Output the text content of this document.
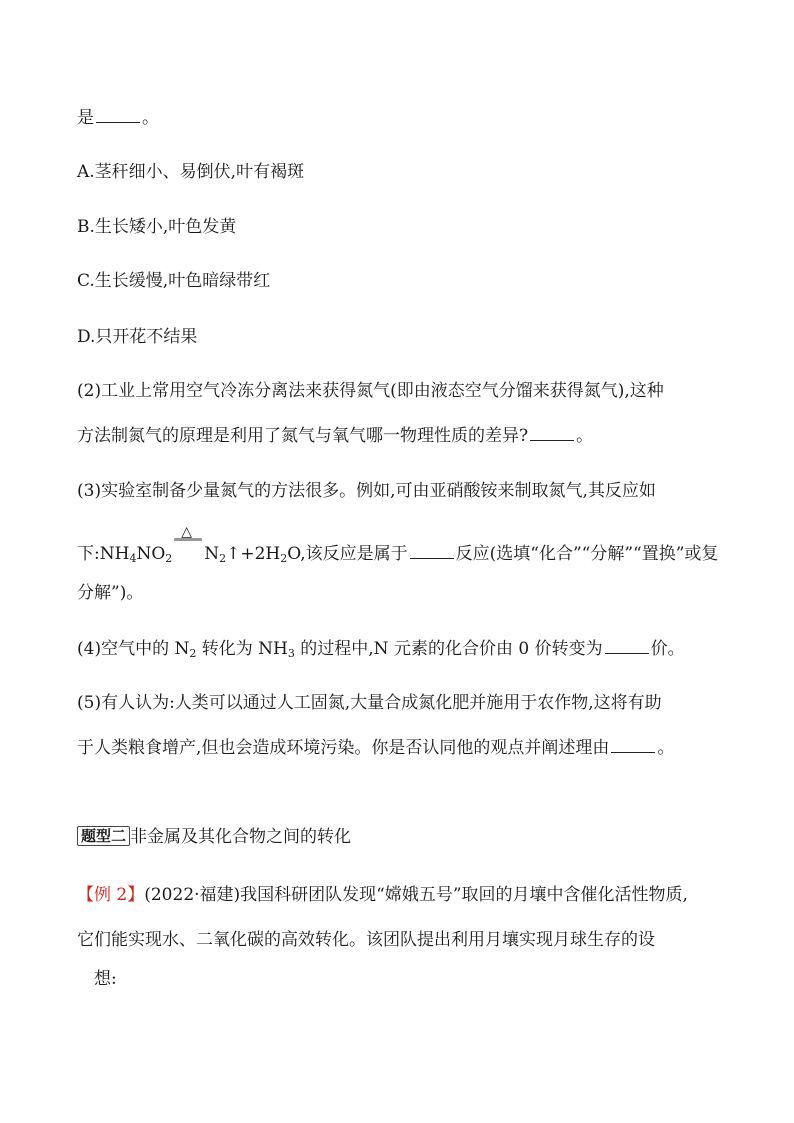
是	。
A.茎秆细小、易倒伏,叶有褐斑
B.生长矮小,叶色发黄
C.生长缓慢,叶色暗绿带红
D.只开花不结果
(2)工业上常用空气冷冻分离法来获得氮气(即由液态空气分馏来获得氮气),这种
方法制氮气的原理是利用了氮气与氧气哪一物理性质的差异?	。
(3)实验室制备少量氮气的方法很多。例如,可由亚硝酸铵来制取氮气,其反应如
下$:NH_4NO_2$
△
$N_2↑+2H_2O$,该反应是属于	反应(选填“化合”“分解”“置换”或复
分解”)。
(4)空气中的 $N_2$ 转化为 $NH_3$ 的过程中,N 元素的化合价由 0 价转变为	价。
(5)有人认为:人类可以通过人工固氮,大量合成氮化肥并施用于农作物,这将有助
于人类粮食增产,但也会造成环境污染。你是否认同他的观点并阐述理由	。
题型二 非金属及其化合物之间的转化
【例 2】(2022·福建)我国科研团队发现“嫦娥五号”取回的月壤中含催化活性物质,
它们能实现水、二氧化碳的高效转化。该团队提出利用月壤实现月球生存的设
想:
